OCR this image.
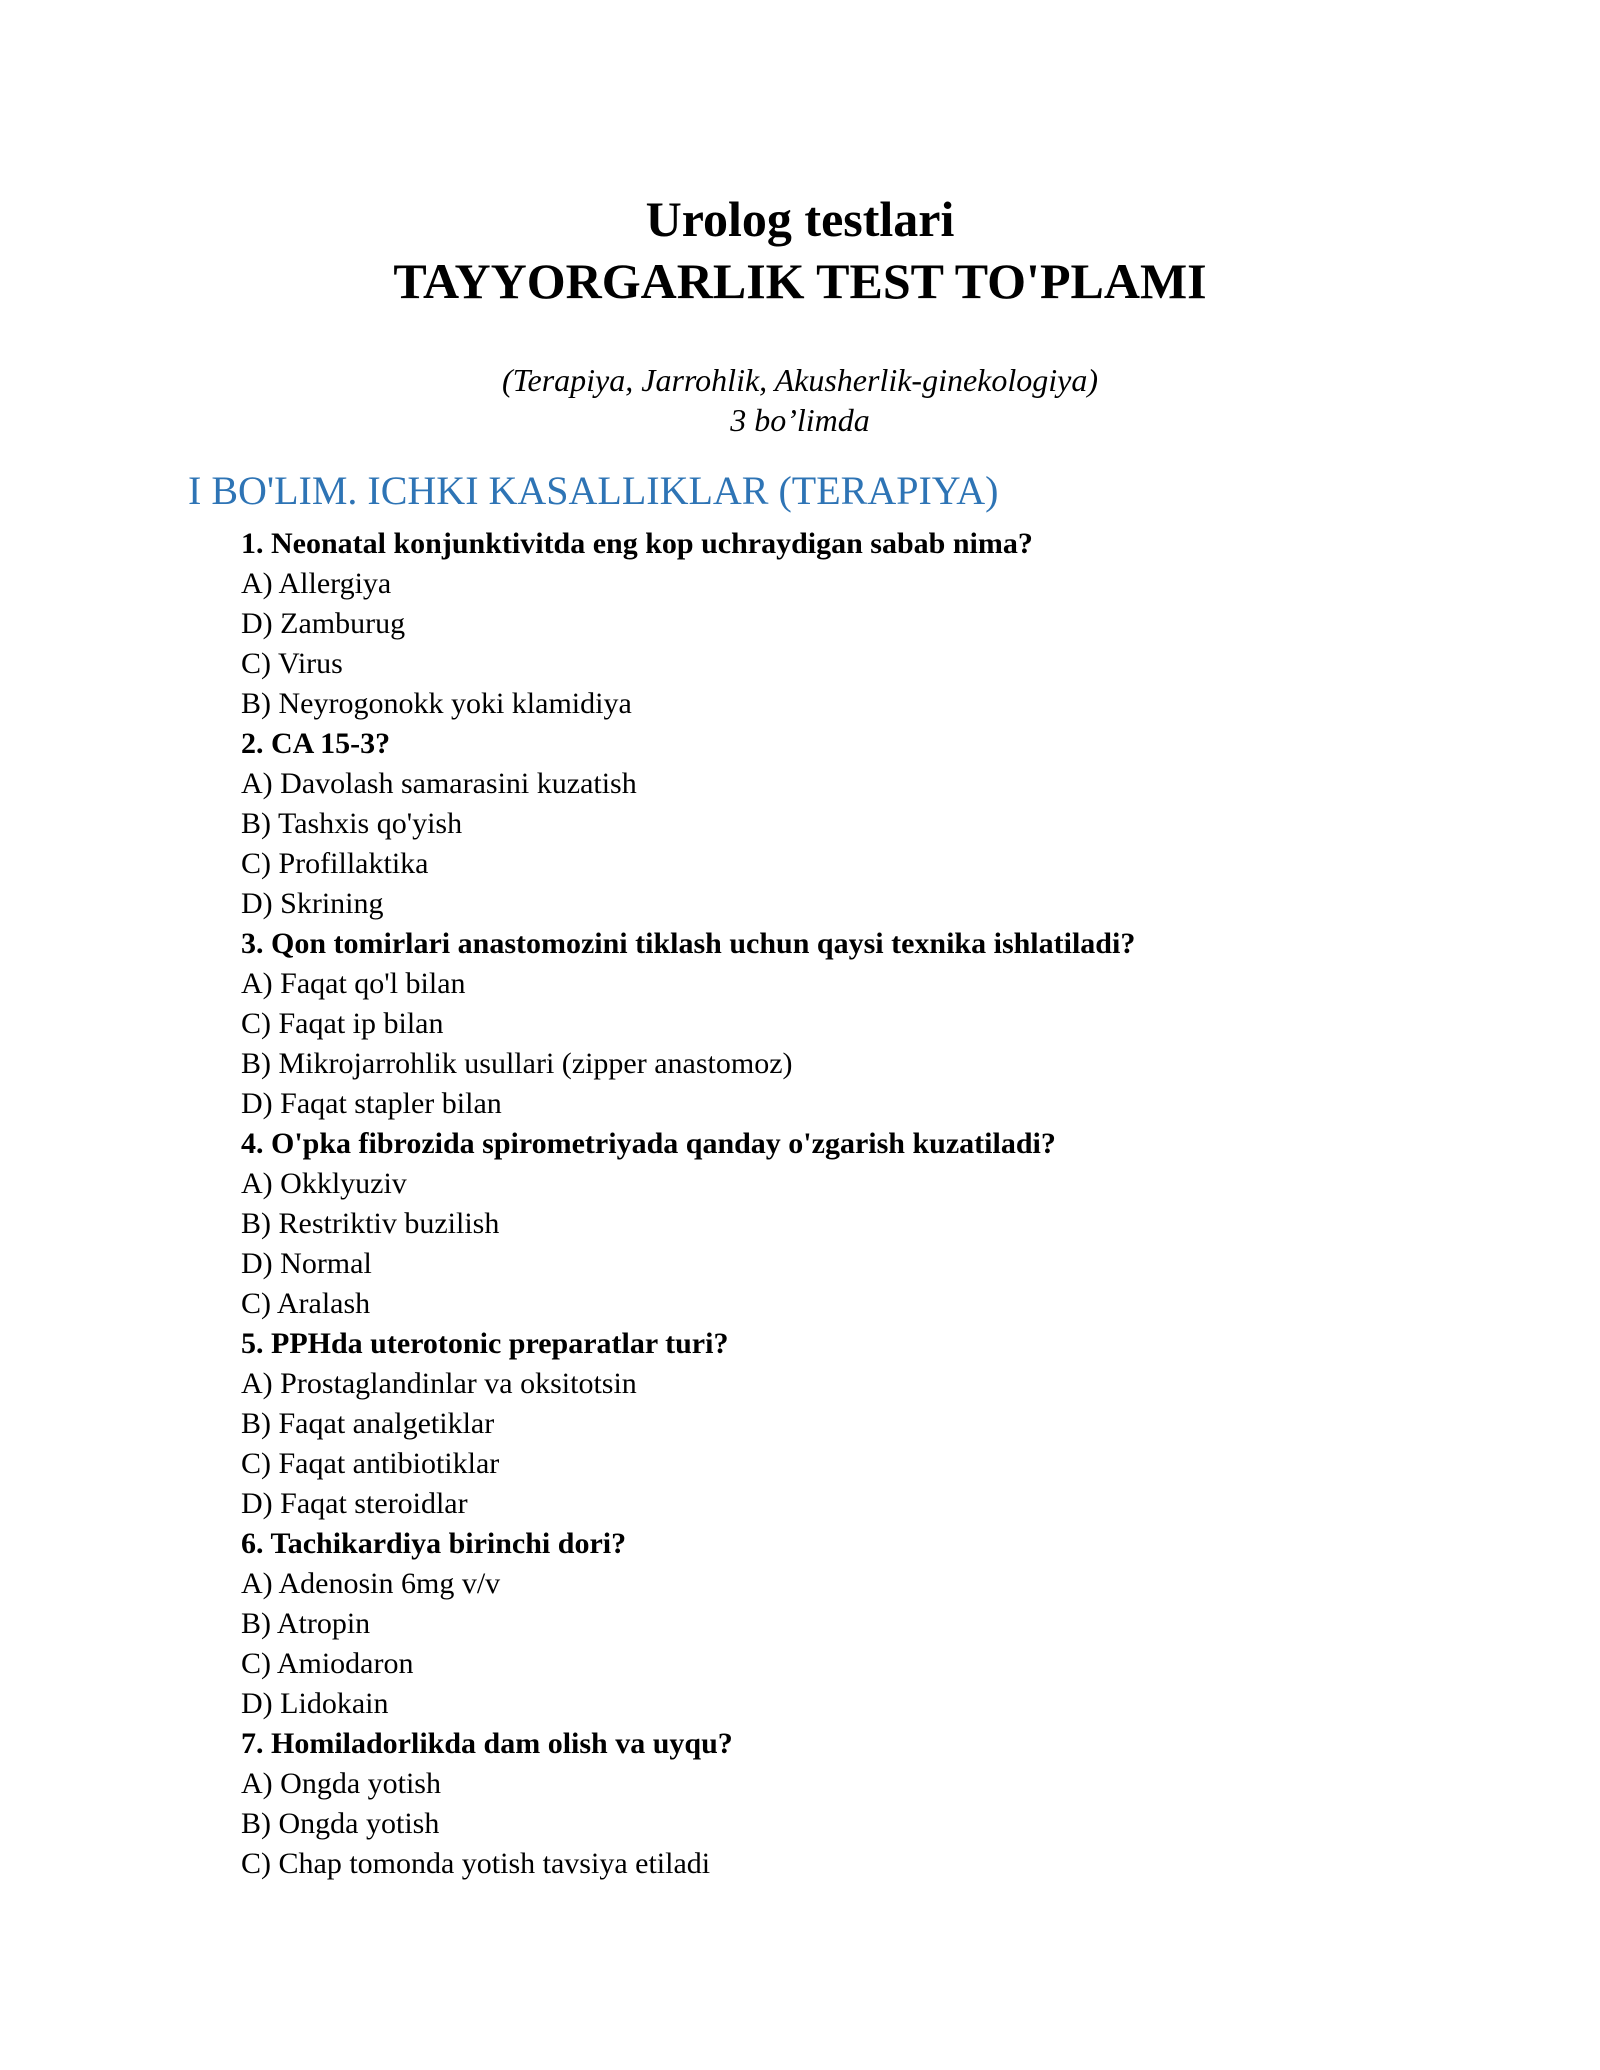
Urolog testlari
TAYYORGARLIK TEST TO'PLAMI
(Terapiya, Jarrohlik, Akusherlik-ginekologiya)
3 bo’limda
I BO'LIM. ICHKI KASALLIKLAR (TERAPIYA)
1. Neonatal konjunktivitda eng kop uchraydigan sabab nima?
A) Allergiya
D) Zamburug
C) Virus
B) Neyrogonokk yoki klamidiya
2. CA 15-3?
A) Davolash samarasini kuzatish
B) Tashxis qo'yish
C) Profillaktika
D) Skrining
3. Qon tomirlari anastomozini tiklash uchun qaysi texnika ishlatiladi?
A) Faqat qo'l bilan
C) Faqat ip bilan
B) Mikrojarrohlik usullari (zipper anastomoz)
D) Faqat stapler bilan
4. O'pka fibrozida spirometriyada qanday o'zgarish kuzatiladi?
A) Okklyuziv
B) Restriktiv buzilish
D) Normal
C) Aralash
5. PPHda uterotonic preparatlar turi?
A) Prostaglandinlar va oksitotsin
B) Faqat analgetiklar
C) Faqat antibiotiklar
D) Faqat steroidlar
6. Tachikardiya birinchi dori?
A) Adenosin 6mg v/v
B) Atropin
C) Amiodaron
D) Lidokain
7. Homiladorlikda dam olish va uyqu?
A) Ongda yotish
B) Ongda yotish
C) Chap tomonda yotish tavsiya etiladi
